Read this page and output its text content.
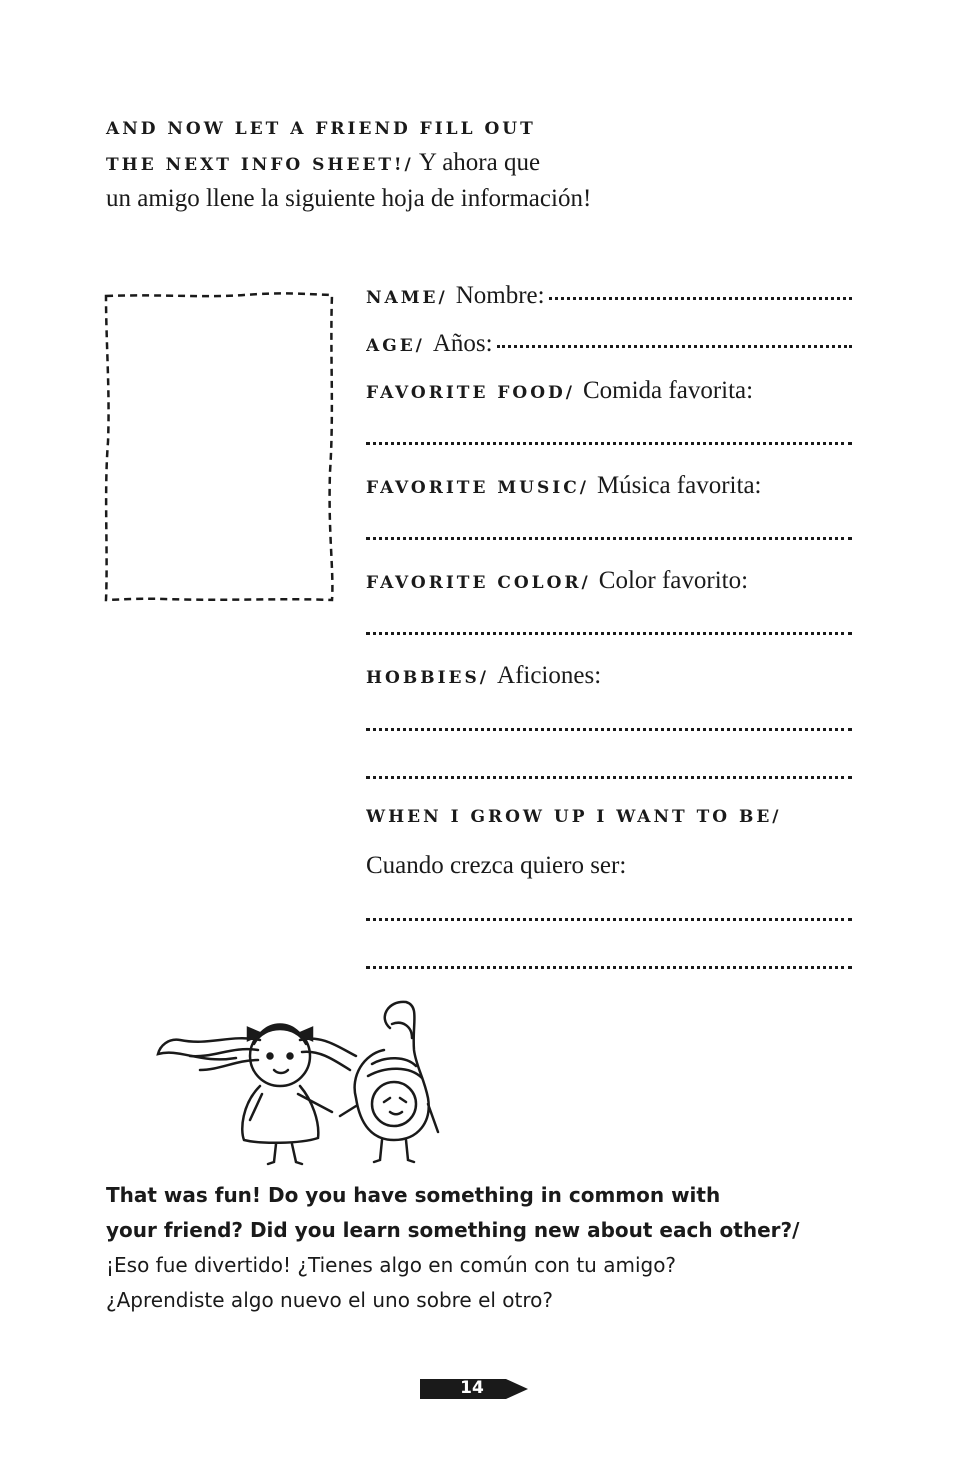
AND NOW LET A FRIEND FILL OUT
THE NEXT INFO SHEET!/ Y ahora que
un amigo llene la siguiente hoja de información!
NAME/ Nombre:
AGE/ Años:
FAVORITE FOOD/ Comida favorita:
FAVORITE MUSIC/ Música favorita:
FAVORITE COLOR/ Color favorito:
HOBBIES/ Aficiones:
WHEN I GROW UP I WANT TO BE/
Cuando crezca quiero ser:
That was fun! Do you have something in common with
your friend? Did you learn something new about each other?/
¡Eso fue divertido! ¿Tienes algo en común con tu amigo?
¿Aprendiste algo nuevo el uno sobre el otro?
14
